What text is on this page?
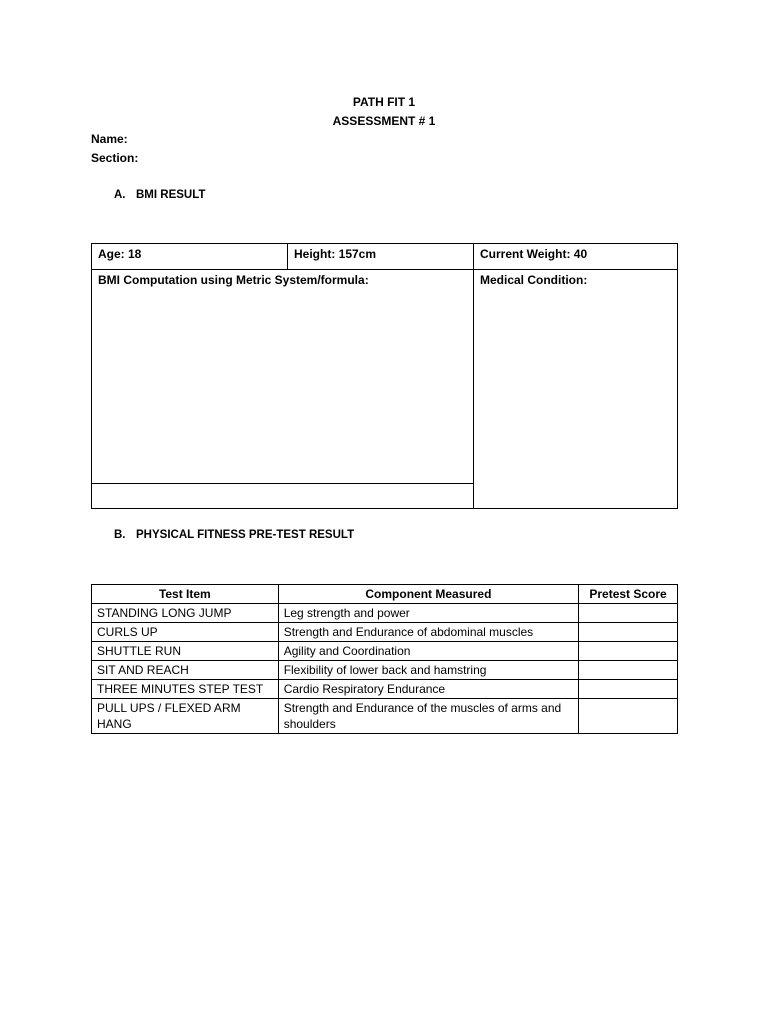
PATH FIT 1
ASSESSMENT # 1
Name:
Section:
A. BMI RESULT
Age: 18	Height: 157cm	Current Weight: 40
BMI Computation using Metric System/formula:	Medical Condition:
B. PHYSICAL FITNESS PRE-TEST RESULT
Test Item	Component Measured	Pretest Score
STANDING LONG JUMP	Leg strength and power	
CURLS UP	Strength and Endurance of abdominal muscles	
SHUTTLE RUN	Agility and Coordination	
SIT AND REACH	Flexibility of lower back and hamstring	
THREE MINUTES STEP TEST	Cardio Respiratory Endurance	
PULL UPS / FLEXED ARM HANG	Strength and Endurance of the muscles of arms and shoulders	
